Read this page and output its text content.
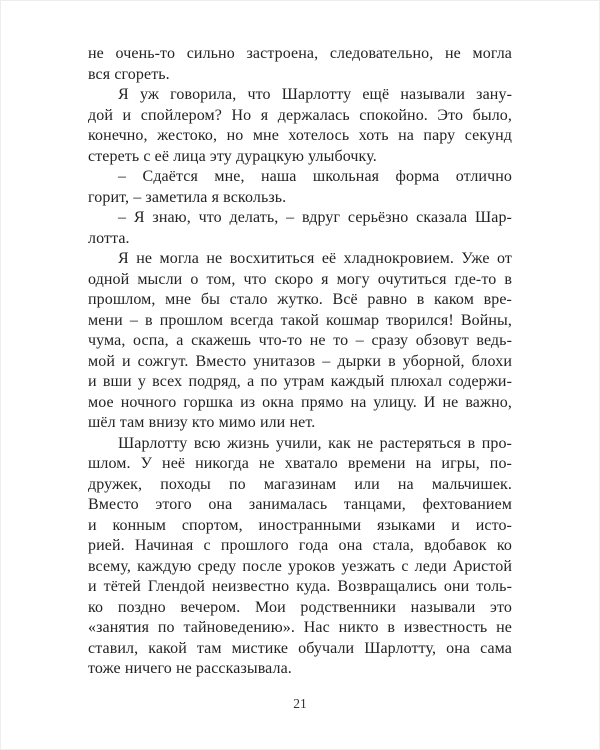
не очень-то сильно застроена, следовательно, не могла
вся сгореть.
Я уж говорила, что Шарлотту ещё называли зану-
дой и спойлером? Но я держалась спокойно. Это было,
конечно, жестоко, но мне хотелось хоть на пару секунд
стереть с её лица эту дурацкую улыбочку.
– Сдаётся мне, наша школьная форма отлично
горит, – заметила я вскользь.
– Я знаю, что делать, – вдруг серьёзно сказала Шар-
лотта.
Я не могла не восхититься её хладнокровием. Уже от
одной мысли о том, что скоро я могу очутиться где-то в
прошлом, мне бы стало жутко. Всё равно в каком вре-
мени – в прошлом всегда такой кошмар творился! Войны,
чума, оспа, а скажешь что-то не то – сразу обзовут ведь-
мой и сожгут. Вместо унитазов – дырки в уборной, блохи
и вши у всех подряд, а по утрам каждый плюхал содержи-
мое ночного горшка из окна прямо на улицу. И не важно,
шёл там внизу кто мимо или нет.
Шарлотту всю жизнь учили, как не растеряться в про-
шлом. У неё никогда не хватало времени на игры, по-
дружек, походы по магазинам или на мальчишек.
Вместо этого она занималась танцами, фехтованием
и конным спортом, иностранными языками и исто-
рией. Начиная с прошлого года она стала, вдобавок ко
всему, каждую среду после уроков уезжать с леди Аристой
и тётей Глендой неизвестно куда. Возвращались они толь-
ко поздно вечером. Мои родственники называли это
«занятия по тайноведению». Нас никто в известность не
ставил, какой там мистике обучали Шарлотту, она сама
тоже ничего не рассказывала.
21
